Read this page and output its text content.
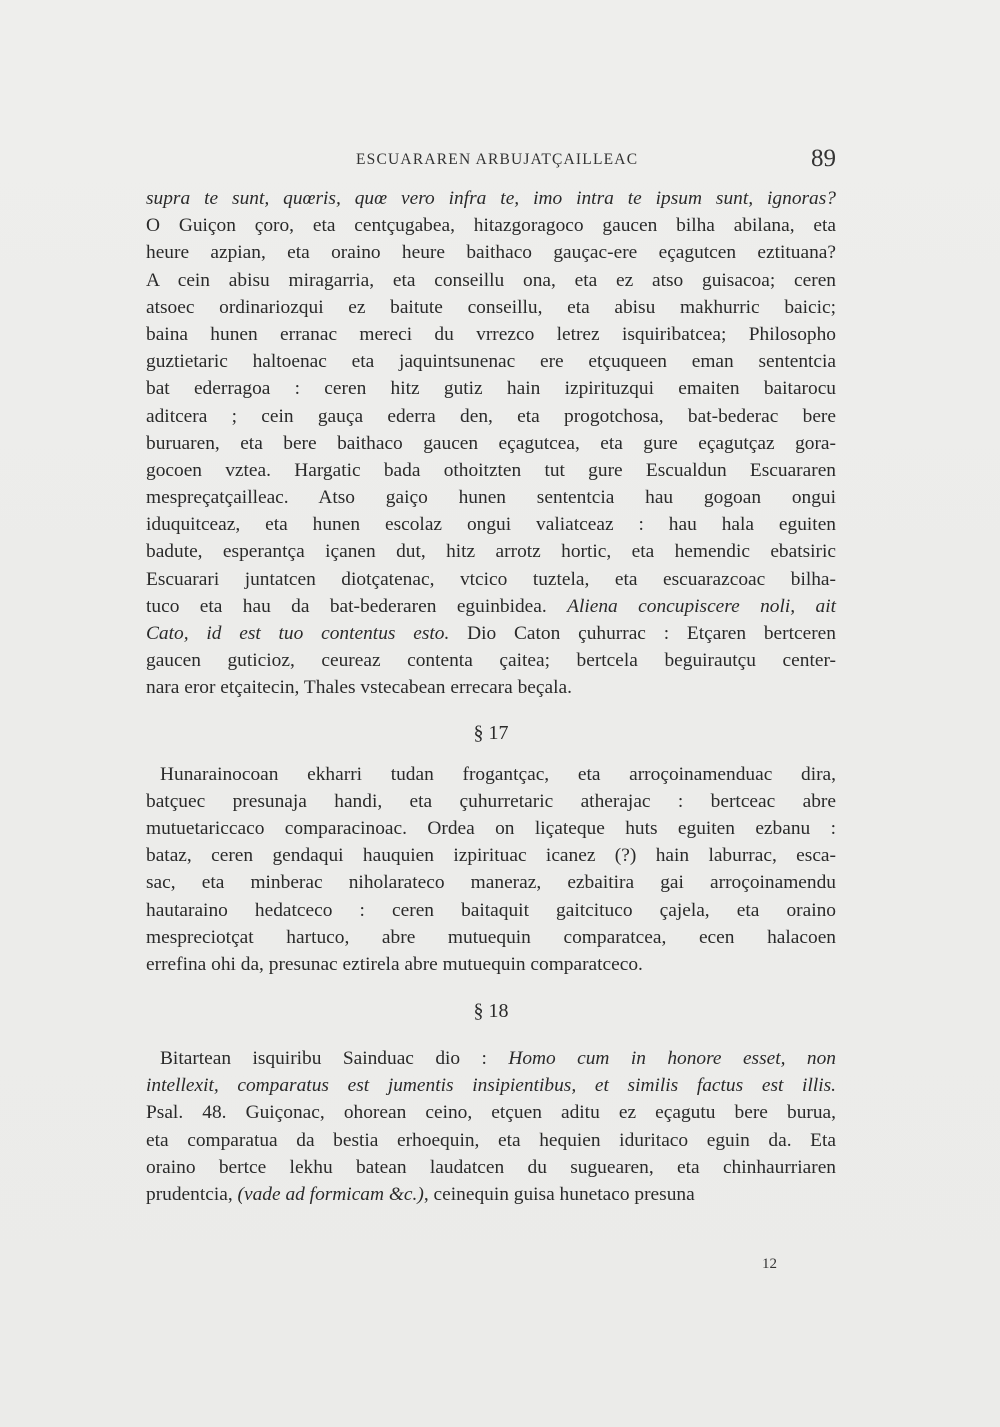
ESCUARAREN ARBUJATÇAILLEAC	89
supra te sunt, quœris, quœ vero infra te, imo intra te ipsum sunt, ignoras?
O Guiçon çoro, eta centçugabea, hitazgoragoco gaucen bilha abilana, eta
heure azpian, eta oraino heure baithaco gauçac-ere eçagutcen eztituana?
A cein abisu miragarria, eta conseillu ona, eta ez atso guisacoa; ceren
atsoec ordinariozqui ez baitute conseillu, eta abisu makhurric baicic;
baina hunen erranac mereci du vrrezco letrez isquiribatcea; Philosopho
guztietaric haltoenac eta jaquintsunenac ere etçuqueen eman sententcia
bat ederragoa : ceren hitz gutiz hain izpirituzqui emaiten baitarocu
aditcera ; cein gauça ederra den, eta progotchosa, bat-bederac bere
buruaren, eta bere baithaco gaucen eçagutcea, eta gure eçagutçaz gora-
gocoen vztea. Hargatic bada othoitzten tut gure Escualdun Escuararen
mespreçatçailleac. Atso gaiço hunen sententcia hau gogoan ongui
iduquitceaz, eta hunen escolaz ongui valiatceaz : hau hala eguiten
badute, esperantça içanen dut, hitz arrotz hortic, eta hemendic ebatsiric
Escuarari juntatcen diotçatenac, vtcico tuztela, eta escuarazcoac bilha-
tuco eta hau da bat-bederaren eguinbidea. Aliena concupiscere noli, ait
Cato, id est tuo contentus esto. Dio Caton çuhurrac : Etçaren bertceren
gaucen guticioz, ceureaz contenta çaitea; bertcela beguirautçu center-
nara eror etçaitecin, Thales vstecabean errecara beçala.
§ 17
Hunarainocoan ekharri tudan frogantçac, eta arroçoinamenduac dira,
batçuec presunaja handi, eta çuhurretaric atherajac : bertceac abre
mutuetariccaco comparacinoac. Ordea on liçateque huts eguiten ezbanu :
bataz, ceren gendaqui hauquien izpirituac icanez (?) hain laburrac, esca-
sac, eta minberac niholarateco maneraz, ezbaitira gai arroçoinamendu
hautaraino hedatceco : ceren baitaquit gaitcituco çajela, eta oraino
mespreciotçat hartuco, abre mutuequin comparatcea, ecen halacoen
errefina ohi da, presunac eztirela abre mutuequin comparatceco.
§ 18
Bitartean isquiribu Sainduac dio : Homo cum in honore esset, non
intellexit, comparatus est jumentis insipientibus, et similis factus est illis.
Psal. 48. Guiçonac, ohorean ceino, etçuen aditu ez eçagutu bere burua,
eta comparatua da bestia erhoequin, eta hequien iduritaco eguin da. Eta
oraino bertce lekhu batean laudatcen du suguearen, eta chinhaurriaren
prudentcia, (vade ad formicam &c.), ceinequin guisa hunetaco presuna
12
